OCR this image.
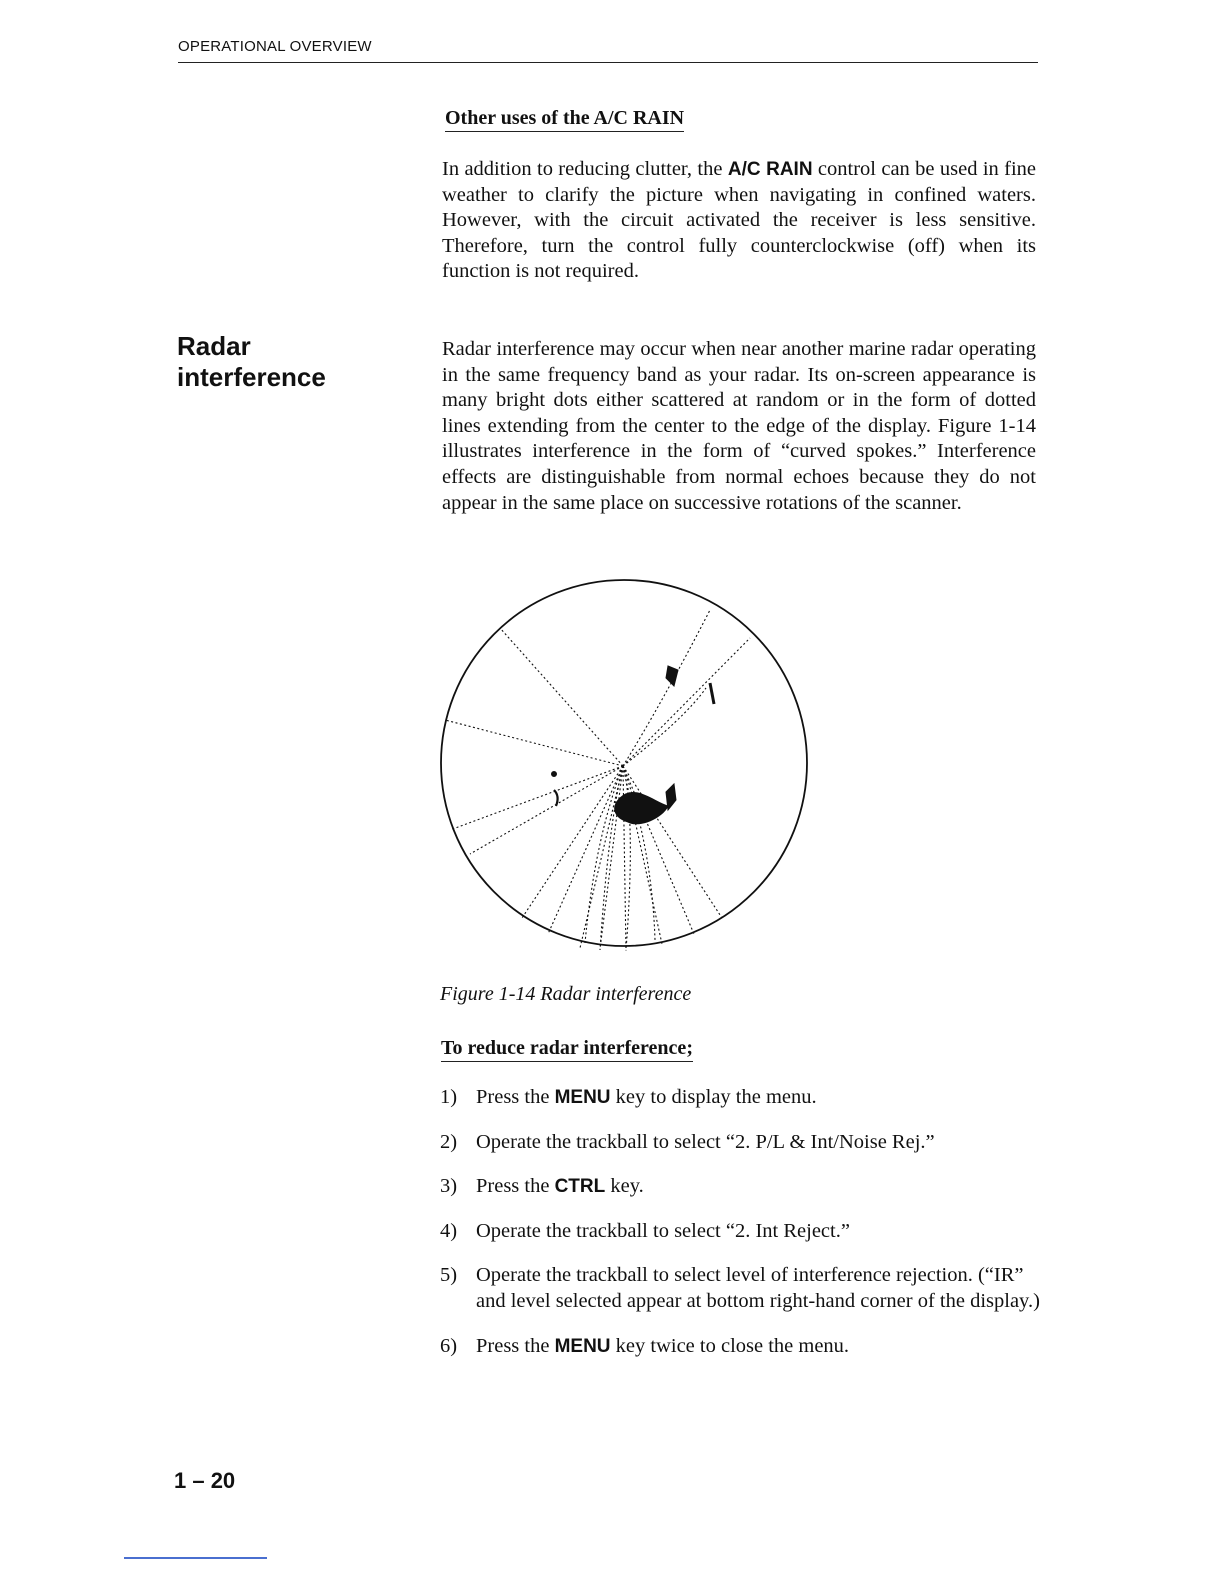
OPERATIONAL OVERVIEW
Other uses of the A/C RAIN
In addition to reducing clutter, the A/C RAIN control can be used in fine weather to clarify the picture when navigating in confined waters. However, with the circuit activated the receiver is less sensitive. Therefore, turn the control fully counterclockwise (off) when its function is not required.
Radar
interference
Radar interference may occur when near another marine radar operating in the same frequency band as your radar. Its on-screen appearance is many bright dots either scattered at random or in the form of dotted lines extending from the center to the edge of the display. Figure 1-14 illustrates interference in the form of “curved spokes.” Interference effects are distinguishable from normal echoes because they do not appear in the same place on successive rotations of the scanner.
Figure 1-14 Radar interference
To reduce radar interference;
1) Press the MENU key to display the menu.
2) Operate the trackball to select “2. P/L & Int/Noise Rej.”
3) Press the CTRL key.
4) Operate the trackball to select “2. Int Reject.”
5) Operate the trackball to select level of interference rejection. (“IR” and level selected appear at bottom right-hand corner of the display.)
6) Press the MENU key twice to close the menu.
1 – 20
